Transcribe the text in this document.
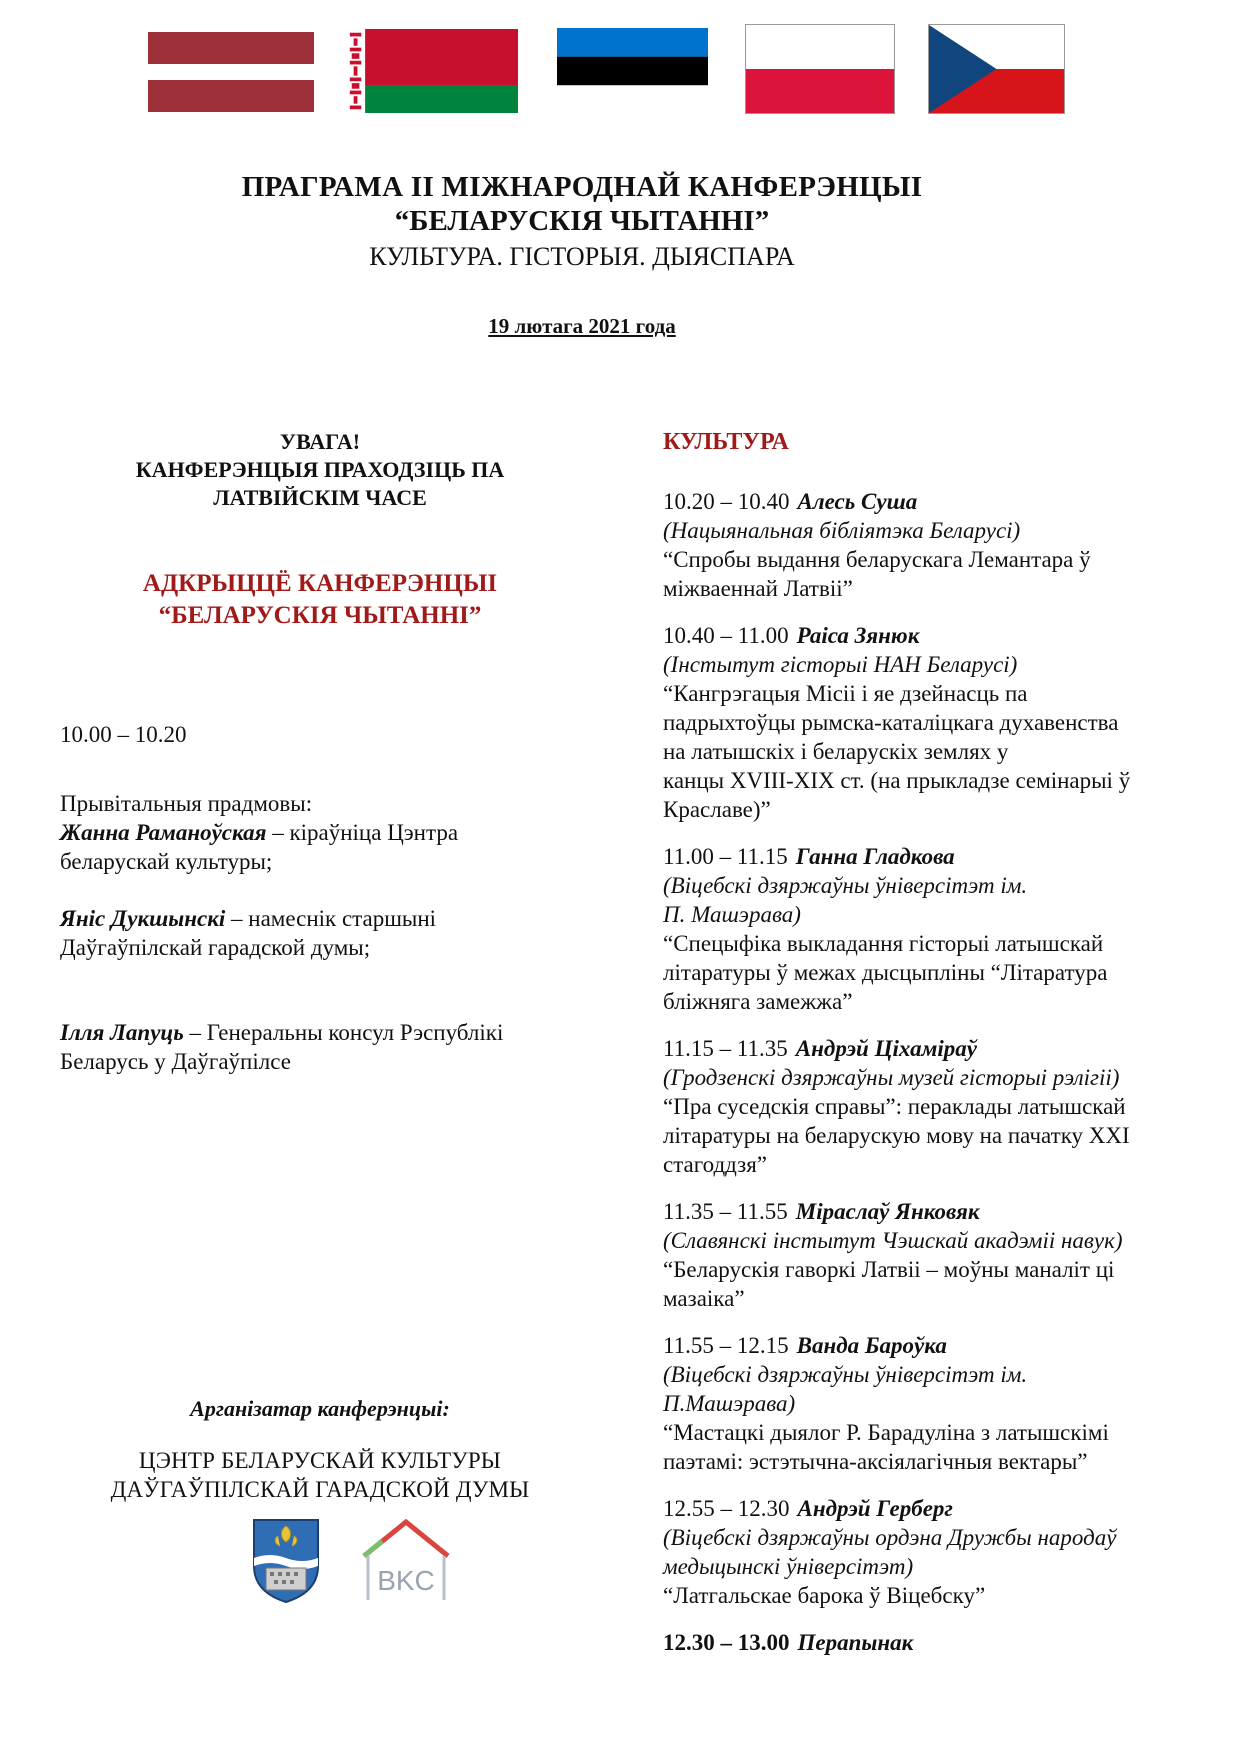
ПРАГРАМА ІІ МІЖНАРОДНАЙ КАНФЕРЭНЦЫІ
“БЕЛАРУСКІЯ ЧЫТАННІ”
КУЛЬТУРА. ГІСТОРЫЯ. ДЫЯСПАРА
19 лютага 2021 года
УВАГА!
КАНФЕРЭНЦЫЯ ПРАХОДЗІЦЬ ПА
ЛАТВІЙСКІМ ЧАСЕ
АДКРЫЦЦЁ КАНФЕРЭНЦЫІ
“БЕЛАРУСКІЯ ЧЫТАННІ”
10.00 – 10.20
Прывітальныя прадмовы:
Жанна Раманоўская – кіраўніца Цэнтра
беларускай культуры;
Яніс Дукшынскі – намеснік старшыні
Даўгаўпілскай гарадской думы;
Ілля Лапуць – Генеральны консул Рэспублікі
Беларусь у Даўгаўпілсе
Арганізатар канферэнцыі:
ЦЭНТР БЕЛАРУСКАЙ КУЛЬТУРЫ
ДАЎГАЎПІЛСКАЙ ГАРАДСКОЙ ДУМЫ
BKC
КУЛЬТУРА
10.20 – 10.40 Алесь Суша
(Нацыянальная бібліятэка Беларусі)
“Спробы выдання беларускага Лемантара ў
міжваеннай Латвіі”
10.40 – 11.00 Раіса Зянюк
(Інстытут гісторыі НАН Беларусі)
“Кангрэгацыя Місіі і яе дзейнасць па
падрыхтоўцы рымска-каталіцкага духавенства
на латышскіх і беларускіх землях у
канцы ХVIII-ХІХ ст. (на прыкладзе семінарыі ў
Краславе)”
11.00 – 11.15 Ганна Гладкова
(Віцебскі дзяржаўны ўніверсітэт ім.
П. Машэрава)
“Спецыфіка выкладання гісторыі латышскай
літаратуры ў межах дысцыпліны “Літаратура
бліжняга замежжа”
11.15 – 11.35 Андрэй Ціхаміраў
(Гродзенскі дзяржаўны музей гісторыі рэлігіі)
“Пра суседскія справы”: пераклады латышскай
літаратуры на беларускую мову на пачатку ХХІ
стагоддзя”
11.35 – 11.55 Міраслаў Янковяк
(Славянскі інстытут Чэшскай акадэміі навук)
“Беларускія гаворкі Латвіі – моўны маналіт ці
мазаіка”
11.55 – 12.15 Ванда Бароўка
(Віцебскі дзяржаўны ўніверсітэт ім.
П.Машэрава)
“Мастацкі дыялог Р. Барадуліна з латышскімі
паэтамі: эстэтычна-аксіялагічныя вектары”
12.55 – 12.30 Андрэй Герберг
(Віцебскі дзяржаўны ордэна Дружбы народаў
медыцынскі ўніверсітэт)
“Латгальскае барока ў Віцебску”
12.30 – 13.00 Перапынак
